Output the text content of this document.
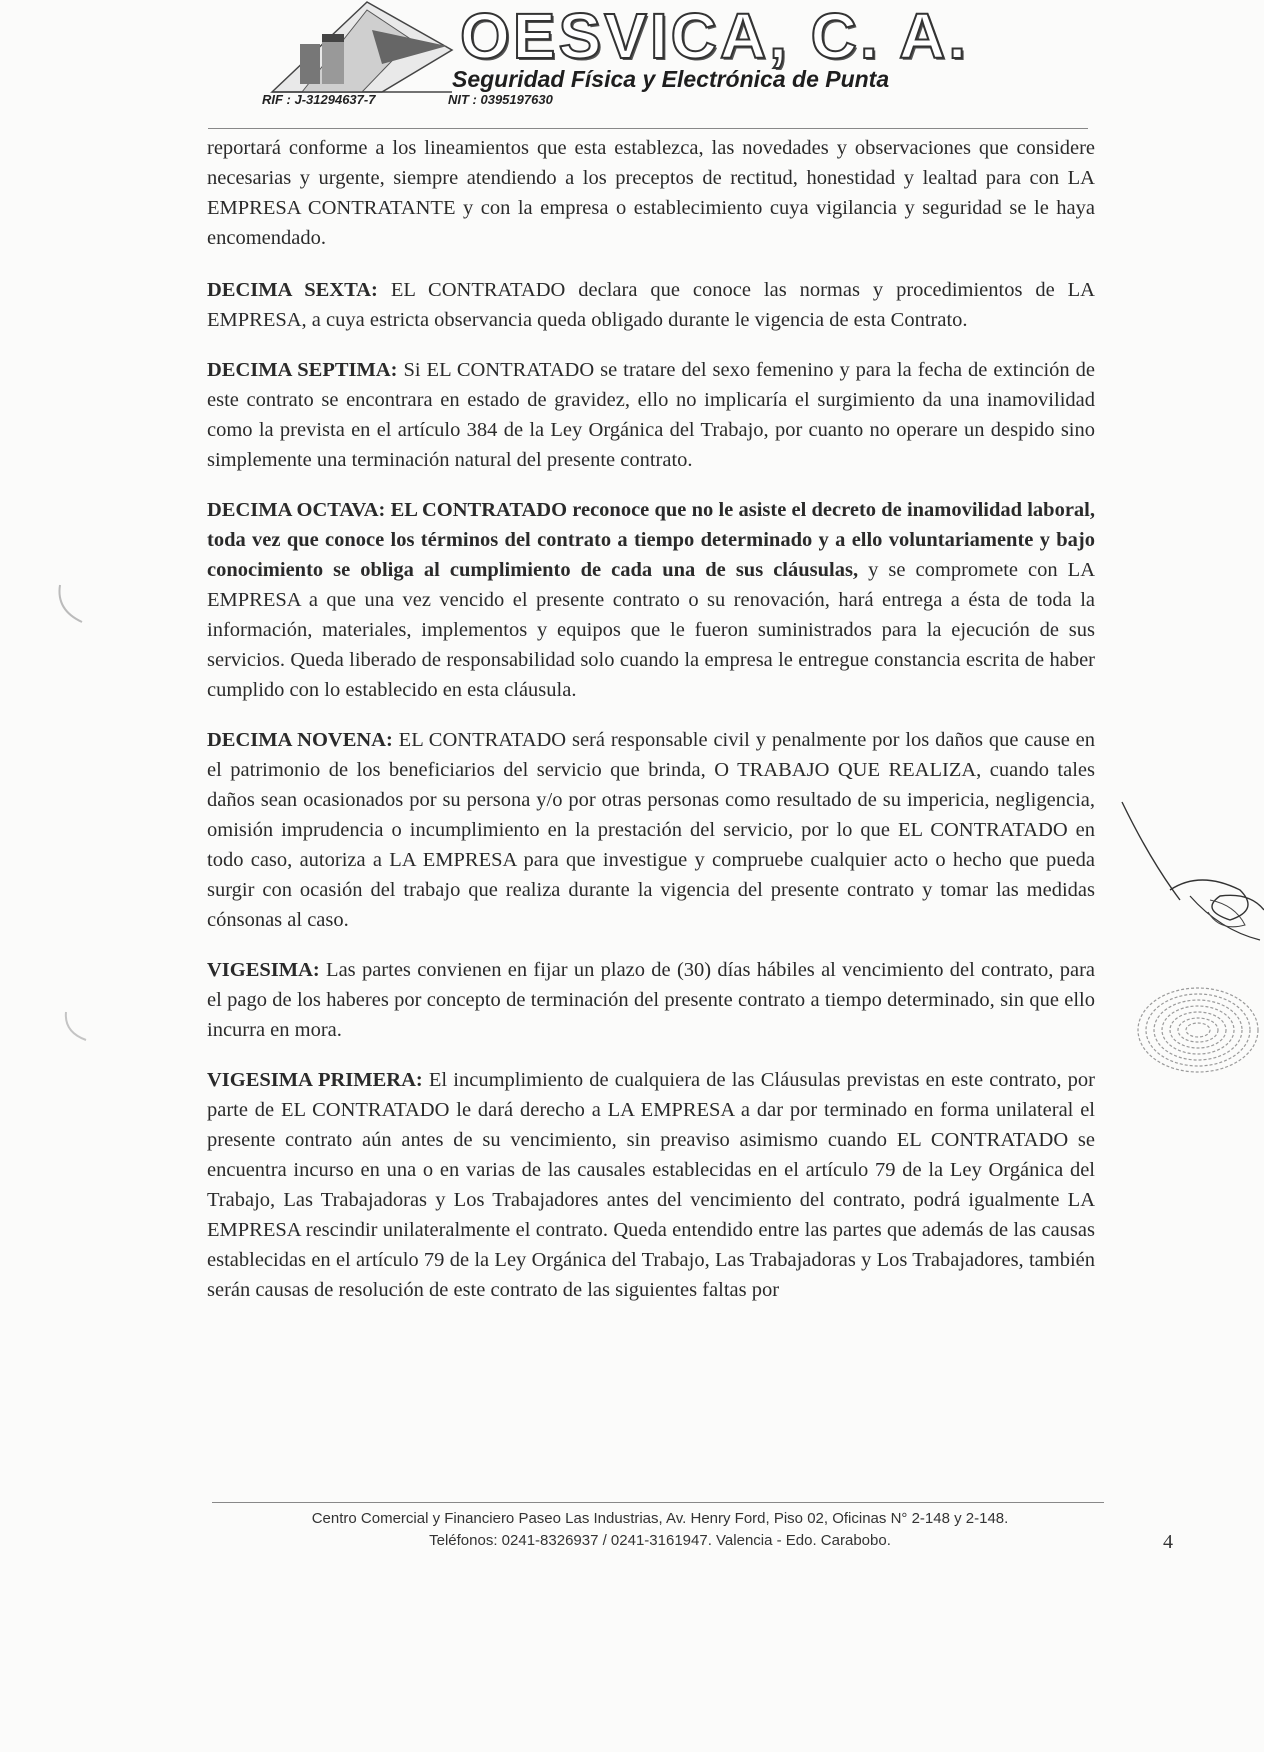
OESVICA, C. A.
Seguridad Física y Electrónica de Punta
RIF : J-31294637-7	NIT : 0395197630

reportará conforme a los lineamientos que esta establezca, las novedades y observaciones que considere necesarias y urgente, siempre atendiendo a los preceptos de rectitud, honestidad y lealtad para con LA EMPRESA CONTRATANTE y con la empresa o establecimiento cuya vigilancia y seguridad se le haya encomendado.

DECIMA SEXTA: EL CONTRATADO declara que conoce las normas y procedimientos de LA EMPRESA, a cuya estricta observancia queda obligado durante le vigencia de esta Contrato.

DECIMA SEPTIMA: Si EL CONTRATADO se tratare del sexo femenino y para la fecha de extinción de este contrato se encontrara en estado de gravidez, ello no implicaría el surgimiento da una inamovilidad como la prevista en el artículo 384 de la Ley Orgánica del Trabajo, por cuanto no operare un despido sino simplemente una terminación natural del presente contrato.

DECIMA OCTAVA: EL CONTRATADO reconoce que no le asiste el decreto de inamovilidad laboral, toda vez que conoce los términos del contrato a tiempo determinado y a ello voluntariamente y bajo conocimiento se obliga al cumplimiento de cada una de sus cláusulas, y se compromete con LA EMPRESA a que una vez vencido el presente contrato o su renovación, hará entrega a ésta de toda la información, materiales, implementos y equipos que le fueron suministrados para la ejecución de sus servicios. Queda liberado de responsabilidad solo cuando la empresa le entregue constancia escrita de haber cumplido con lo establecido en esta cláusula.

DECIMA NOVENA: EL CONTRATADO será responsable civil y penalmente por los daños que cause en el patrimonio de los beneficiarios del servicio que brinda, O TRABAJO QUE REALIZA, cuando tales daños sean ocasionados por su persona y/o por otras personas como resultado de su impericia, negligencia, omisión imprudencia o incumplimiento en la prestación del servicio, por lo que EL CONTRATADO en todo caso, autoriza a LA EMPRESA para que investigue y compruebe cualquier acto o hecho que pueda surgir con ocasión del trabajo que realiza durante la vigencia del presente contrato y tomar las medidas cónsonas al caso.

VIGESIMA: Las partes convienen en fijar un plazo de (30) días hábiles al vencimiento del contrato, para el pago de los haberes por concepto de terminación del presente contrato a tiempo determinado, sin que ello incurra en mora.

VIGESIMA PRIMERA: El incumplimiento de cualquiera de las Cláusulas previstas en este contrato, por parte de EL CONTRATADO le dará derecho a LA EMPRESA a dar por terminado en forma unilateral el presente contrato aún antes de su vencimiento, sin preaviso asimismo cuando EL CONTRATADO se encuentra incurso en una o en varias de las causales establecidas en el artículo 79 de la Ley Orgánica del Trabajo, Las Trabajadoras y Los Trabajadores antes del vencimiento del contrato, podrá igualmente LA EMPRESA rescindir unilateralmente el contrato. Queda entendido entre las partes que además de las causas establecidas en el artículo 79 de la Ley Orgánica del Trabajo, Las Trabajadoras y Los Trabajadores, también serán causas de resolución de este contrato de las siguientes faltas por

Centro Comercial y Financiero Paseo Las Industrias, Av. Henry Ford, Piso 02, Oficinas N° 2-148 y 2-148.
Teléfonos: 0241-8326937 / 0241-3161947. Valencia - Edo. Carabobo.	4
